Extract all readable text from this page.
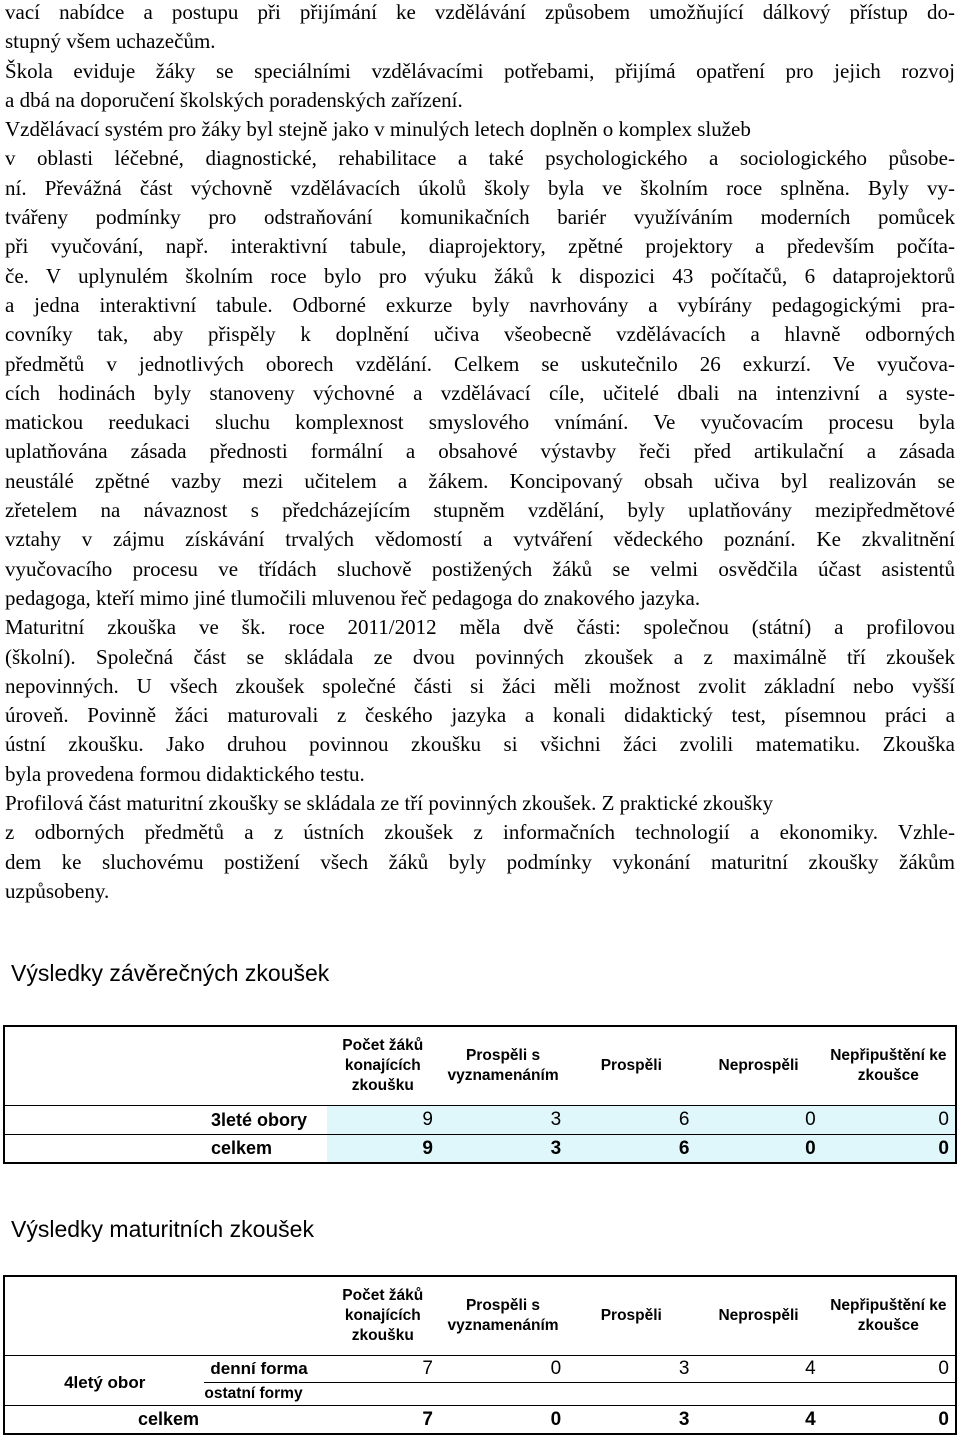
vací nabídce a postupu při přijímání ke vzdělávání způsobem umožňující dálkový přístup do-
stupný všem uchazečům.
Škola eviduje žáky se speciálními vzdělávacími potřebami, přijímá opatření pro jejich rozvoj
a dbá na doporučení školských poradenských zařízení.
Vzdělávací systém pro žáky byl stejně jako v minulých letech doplněn o komplex služeb
v oblasti léčebné, diagnostické, rehabilitace a také psychologického a sociologického působe-
ní. Převážná část výchovně vzdělávacích úkolů školy byla ve školním roce splněna. Byly vy-
tvářeny podmínky pro odstraňování komunikačních bariér využíváním moderních pomůcek
při vyučování, např. interaktivní tabule, diaprojektory, zpětné projektory a především počíta-
če. V uplynulém školním roce bylo pro výuku žáků k dispozici 43 počítačů, 6 dataprojektorů
a jedna interaktivní tabule. Odborné exkurze byly navrhovány a vybírány pedagogickými pra-
covníky tak, aby přispěly k doplnění učiva všeobecně vzdělávacích a hlavně odborných
předmětů v jednotlivých oborech vzdělání. Celkem se uskutečnilo 26 exkurzí. Ve vyučova-
cích hodinách byly stanoveny výchovné a vzdělávací cíle, učitelé dbali na intenzivní a syste-
matickou reedukaci sluchu komplexnost smyslového vnímání. Ve vyučovacím procesu byla
uplatňována zásada přednosti formální a obsahové výstavby řeči před artikulační a zásada
neustálé zpětné vazby mezi učitelem a žákem. Koncipovaný obsah učiva byl realizován se
zřetelem na návaznost s předcházejícím stupněm vzdělání, byly uplatňovány mezipředmětové
vztahy v zájmu získávání trvalých vědomostí a vytváření vědeckého poznání. Ke zkvalitnění
vyučovacího procesu ve třídách sluchově postižených žáků se velmi osvědčila účast asistentů
pedagoga, kteří mimo jiné tlumočili mluvenou řeč pedagoga do znakového jazyka.
Maturitní zkouška ve šk. roce 2011/2012 měla dvě části: společnou (státní) a profilovou
(školní). Společná část se skládala ze dvou povinných zkoušek a z maximálně tří zkoušek
nepovinných. U všech zkoušek společné části si žáci měli možnost zvolit základní nebo vyšší
úroveň. Povinně žáci maturovali z českého jazyka a konali didaktický test, písemnou práci a
ústní zkoušku. Jako druhou povinnou zkoušku si všichni žáci zvolili matematiku. Zkouška
byla provedena formou didaktického testu.
Profilová část maturitní zkoušky se skládala ze tří povinných zkoušek. Z praktické zkoušky
z odborných předmětů a z ústních zkoušek z informačních technologií a ekonomiky. Vzhle-
dem ke sluchovému postižení všech žáků byly podmínky vykonání maturitní zkoušky žákům
uzpůsobeny.
Výsledky závěrečných zkoušek
	Počet žáků konajících zkoušku	Prospěli s vyznamenáním	Prospěli	Neprospěli	Nepřipuštění ke zkoušce
3leté obory	9	3	6	0	0
celkem	9	3	6	0	0
Výsledky maturitních zkoušek
		Počet žáků konajících zkoušku	Prospěli s vyznamenáním	Prospěli	Neprospěli	Nepřipuštění ke zkoušce
4letý obor	denní forma	7	0	3	4	0
	ostatní formy					
celkem		7	0	3	4	0
